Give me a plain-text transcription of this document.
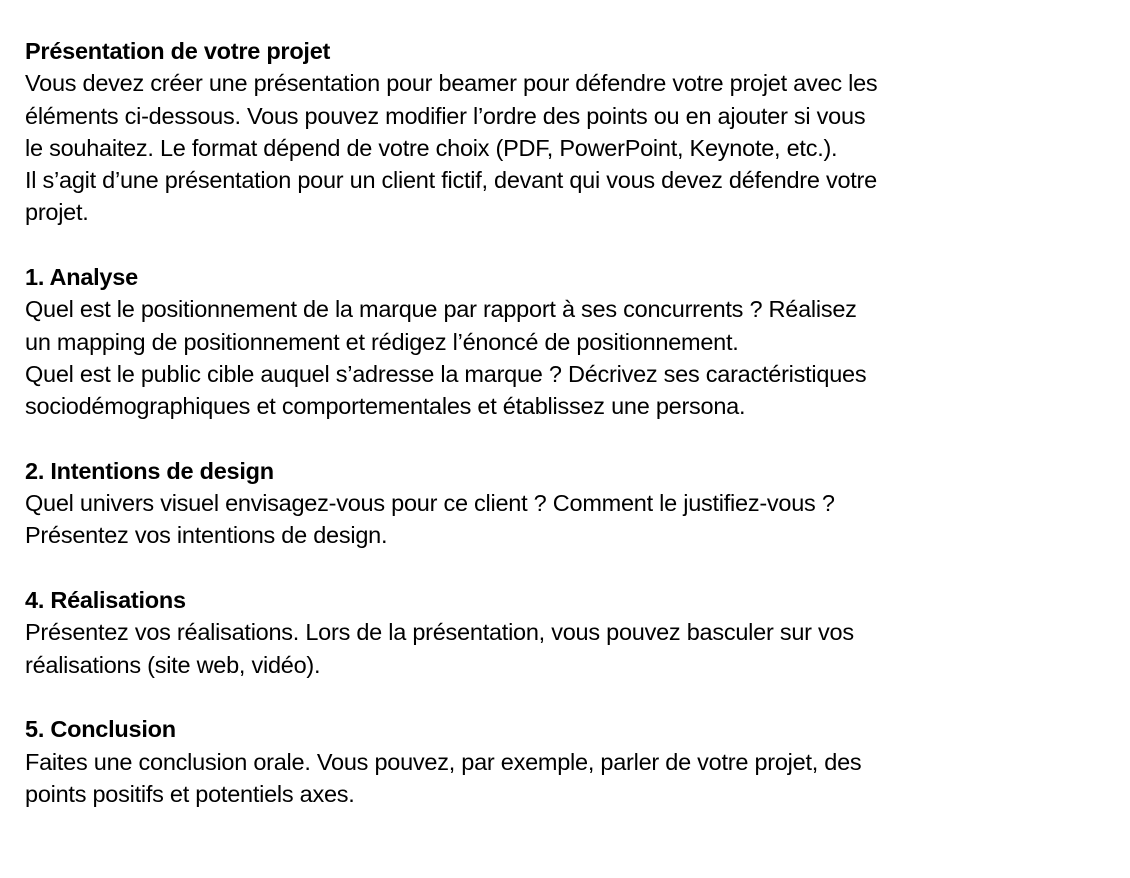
Présentation de votre projet
Vous devez créer une présentation pour beamer pour défendre votre projet avec les
éléments ci-dessous. Vous pouvez modifier l’ordre des points ou en ajouter si vous
le souhaitez. Le format dépend de votre choix (PDF, PowerPoint, Keynote, etc.).
Il s’agit d’une présentation pour un client fictif, devant qui vous devez défendre votre
projet.
1. Analyse
Quel est le positionnement de la marque par rapport à ses concurrents ? Réalisez
un mapping de positionnement et rédigez l’énoncé de positionnement.
Quel est le public cible auquel s’adresse la marque ? Décrivez ses caractéristiques
sociodémographiques et comportementales et établissez une persona.
2. Intentions de design
Quel univers visuel envisagez-vous pour ce client ? Comment le justifiez-vous ?
Présentez vos intentions de design.
4. Réalisations
Présentez vos réalisations. Lors de la présentation, vous pouvez basculer sur vos
réalisations (site web, vidéo).
5. Conclusion
Faites une conclusion orale. Vous pouvez, par exemple, parler de votre projet, des
points positifs et potentiels axes.
